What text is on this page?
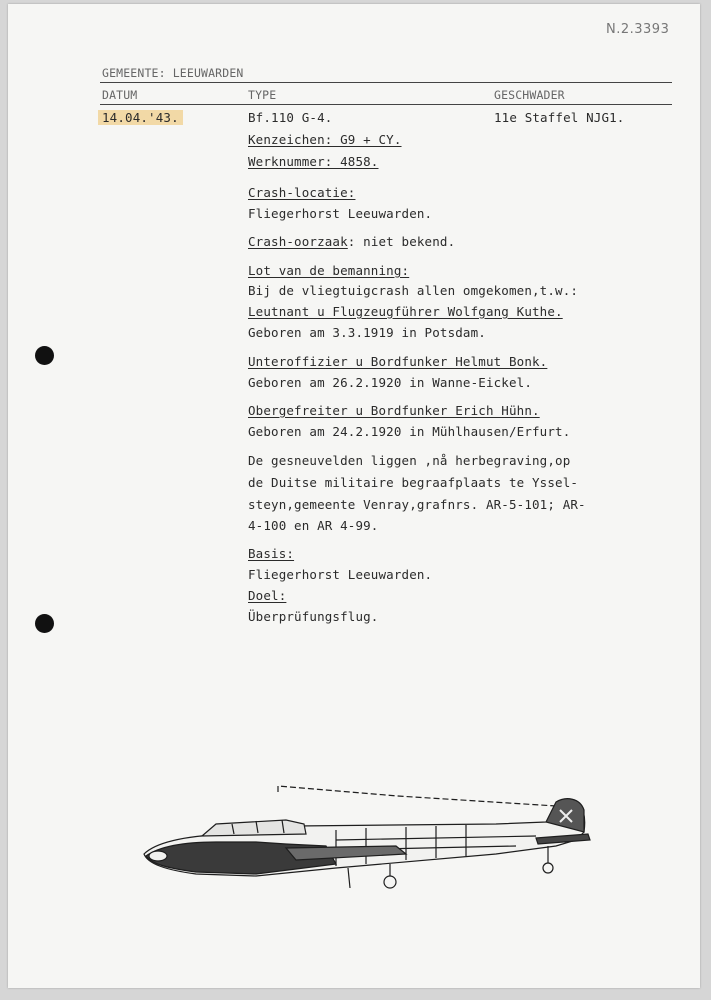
N.2.3393
GEMEENTE: LEEUWARDEN
DATUM	TYPE	GESCHWADER
14.04.'43.	Bf.110 G-4.	11e Staffel NJG1.
Kenzeichen: G9 + CY.
Werknummer: 4858.
Crash-locatie:
Fliegerhorst Leeuwarden.
Crash-oorzaak: niet bekend.
Lot van de bemanning:
Bij de vliegtuigcrash allen omgekomen,t.w.:
Leutnant u Flugzeugführer Wolfgang Kuthe.
Geboren am 3.3.1919 in Potsdam.
Unteroffizier u Bordfunker Helmut Bonk.
Geboren am 26.2.1920 in Wanne-Eickel.
Obergefreiter u Bordfunker Erich Hühn.
Geboren am 24.2.1920 in Mühlhausen/Erfurt.
De gesneuvelden liggen ,nå herbegraving,op
de Duitse militaire begraafplaats te Yssel-
steyn,gemeente Venray,grafnrs. AR-5-101; AR-
4-100 en AR 4-99.
Basis:
Fliegerhorst Leeuwarden.
Doel:
Überprüfungsflug.
